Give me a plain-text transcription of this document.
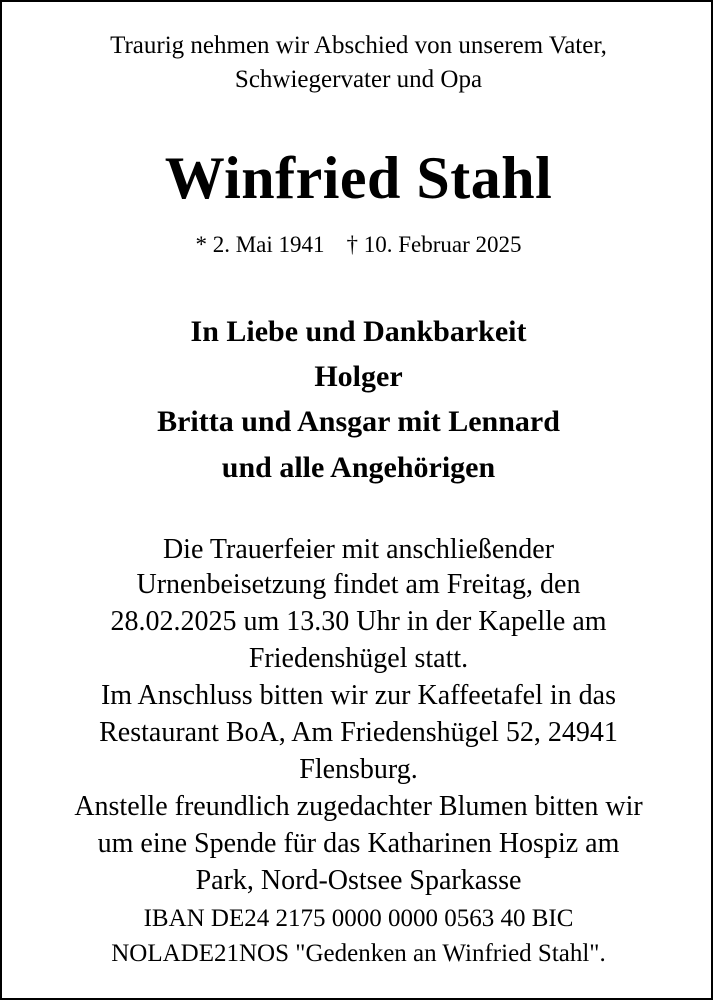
Traurig nehmen wir Abschied von unserem Vater,
Schwiegervater und Opa
Winfried Stahl
* 2. Mai 1941 † 10. Februar 2025
In Liebe und Dankbarkeit
Holger
Britta und Ansgar mit Lennard
und alle Angehörigen
Die Trauerfeier mit anschließender
Urnenbeisetzung findet am Freitag, den
28.02.2025 um 13.30 Uhr in der Kapelle am
Friedenshügel statt.
Im Anschluss bitten wir zur Kaffeetafel in das
Restaurant BoA, Am Friedenshügel 52, 24941
Flensburg.
Anstelle freundlich zugedachter Blumen bitten wir
um eine Spende für das Katharinen Hospiz am
Park, Nord-Ostsee Sparkasse
IBAN DE24 2175 0000 0000 0563 40 BIC
NOLADE21NOS "Gedenken an Winfried Stahl".
